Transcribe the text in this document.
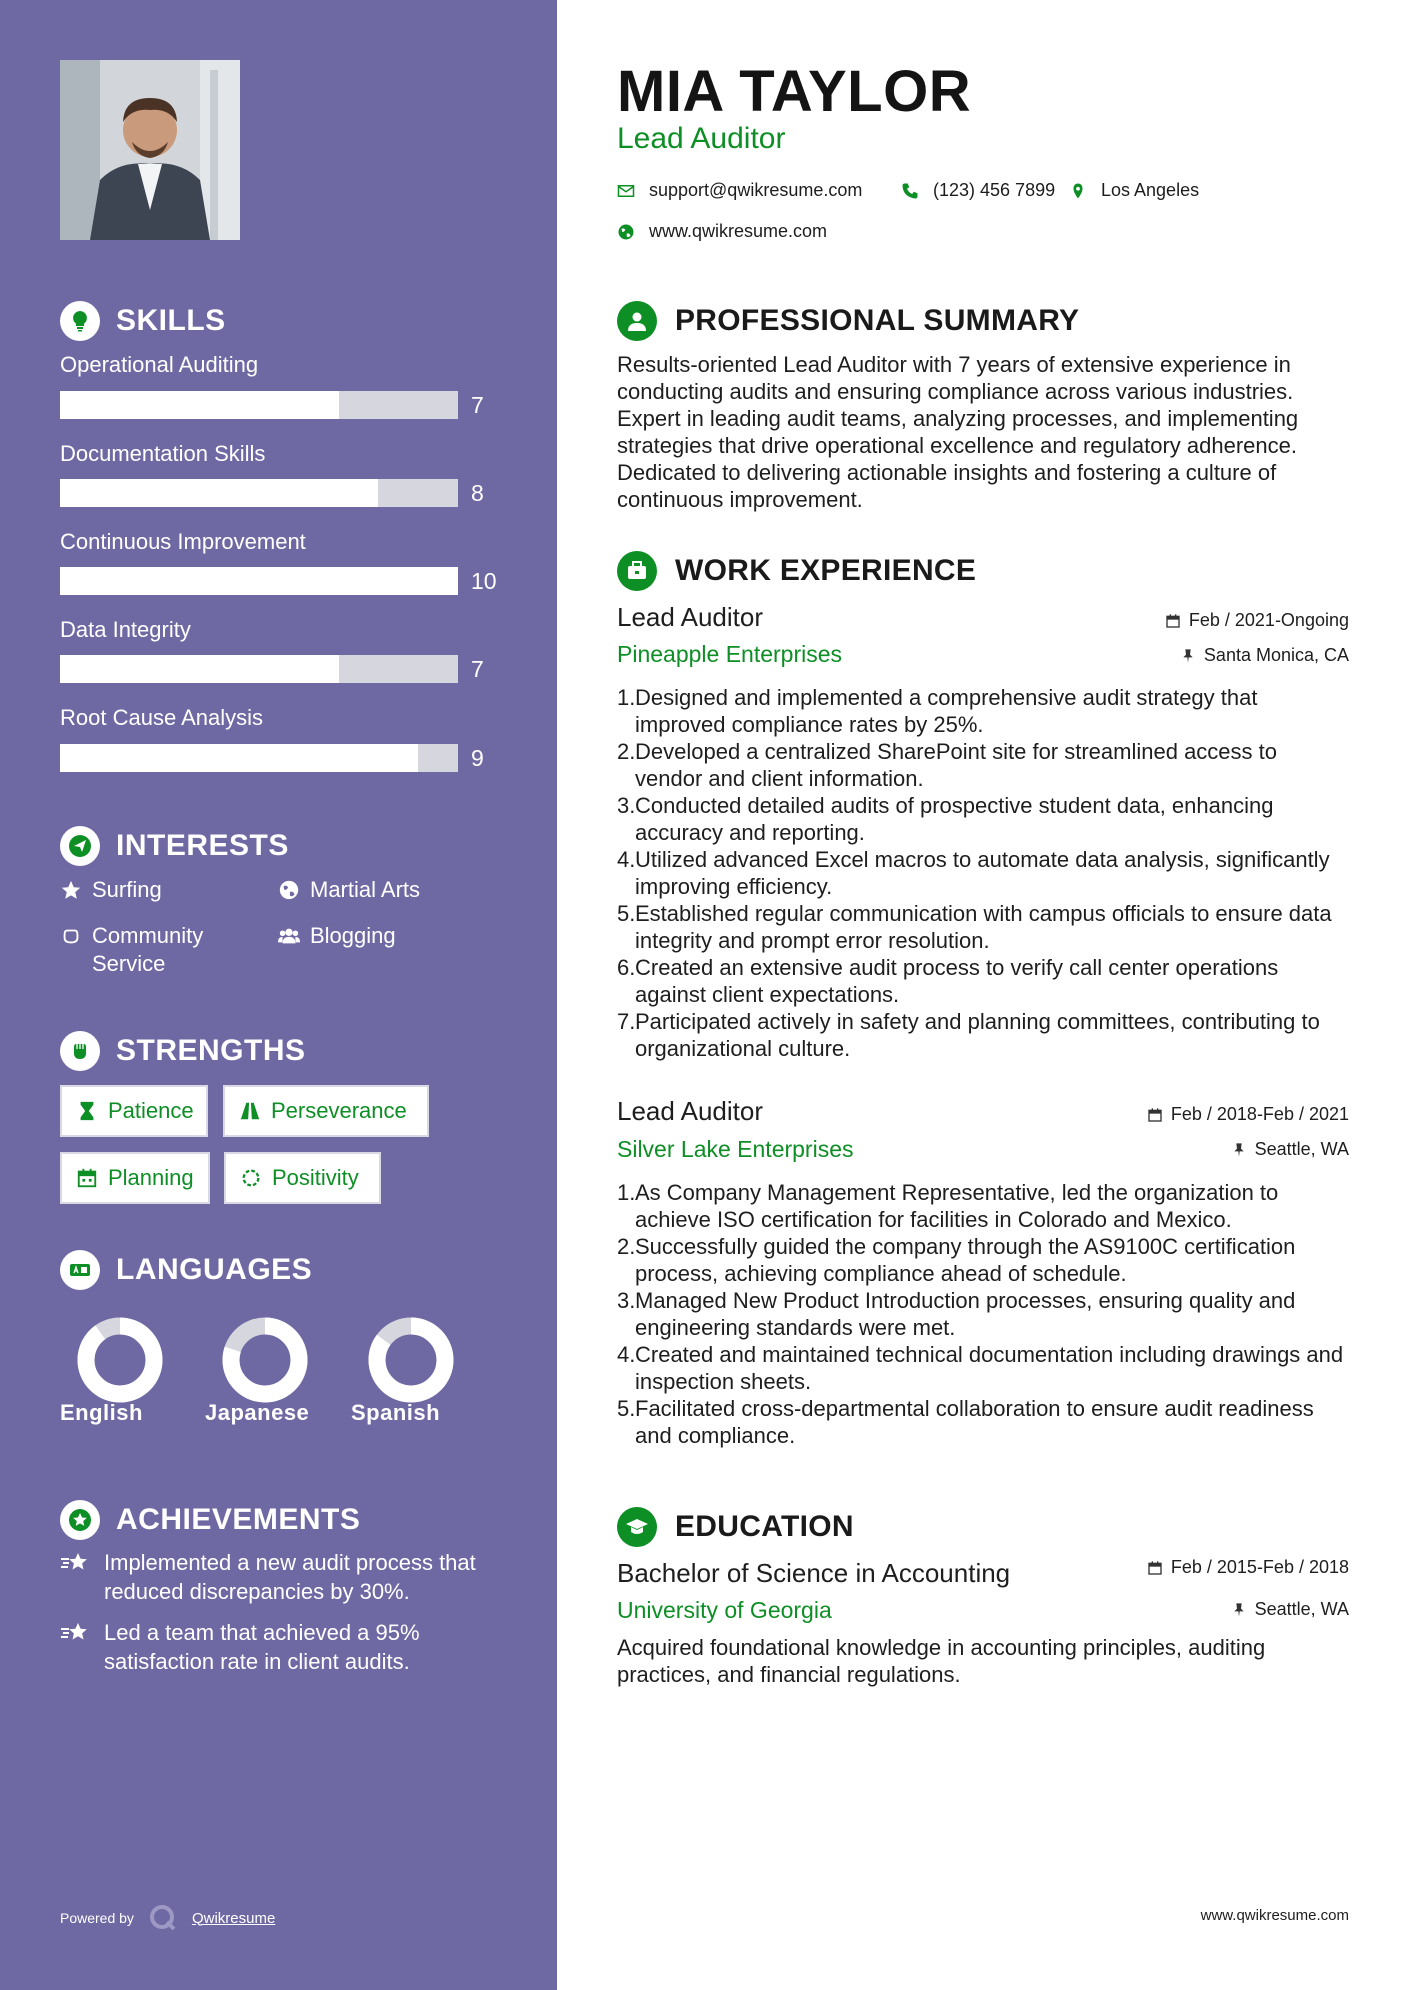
SKILLS
Operational Auditing
7
Documentation Skills
8
Continuous Improvement
10
Data Integrity
7
Root Cause Analysis
9
INTERESTS
Surfing	Martial Arts
Community Service
Blogging
STRENGTHS
Patience	Perseverance
Planning	Positivity
LANGUAGES
English	Japanese Spanish
ACHIEVEMENTS
Implemented a new audit process that reduced discrepancies by 30%.
Led a team that achieved a 95% satisfaction rate in client audits.
Powered by	Qwikresume
MIA TAYLOR
Lead Auditor
support@qwikresume.com	(123) 456 7899	Los Angeles
www.qwikresume.com
PROFESSIONAL SUMMARY

Results-oriented Lead Auditor with 7 years of extensive experience in conducting audits and ensuring compliance across various industries. Expert in leading audit teams, analyzing processes, and implementing strategies that drive operational excellence and regulatory adherence. Dedicated to delivering actionable insights and fostering a culture of continuous improvement.

WORK EXPERIENCE
Lead Auditor	Feb / 2021-Ongoing
Pineapple Enterprises	Santa Monica, CA
1. Designed and implemented a comprehensive audit strategy that improved compliance rates by 25%.
2. Developed a centralized SharePoint site for streamlined access to vendor and client information.
3. Conducted detailed audits of prospective student data, enhancing accuracy and reporting.
4. Utilized advanced Excel macros to automate data analysis, significantly improving efficiency.
5. Established regular communication with campus officials to ensure data integrity and prompt error resolution.
6. Created an extensive audit process to verify call center operations against client expectations.
7. Participated actively in safety and planning committees, contributing to organizational culture.
Lead Auditor	Feb / 2018-Feb / 2021
Silver Lake Enterprises	Seattle, WA
1. As Company Management Representative, led the organization to achieve ISO certification for facilities in Colorado and Mexico.
2. Successfully guided the company through the AS9100C certification process, achieving compliance ahead of schedule.
3. Managed New Product Introduction processes, ensuring quality and engineering standards were met.
4. Created and maintained technical documentation including drawings and inspection sheets.
5. Facilitated cross-departmental collaboration to ensure audit readiness and compliance.
EDUCATION
Bachelor of Science in Accounting	Feb / 2015-Feb / 2018
University of Georgia	Seattle, WA

Acquired foundational knowledge in accounting principles, auditing practices, and financial regulations.

www.qwikresume.com
